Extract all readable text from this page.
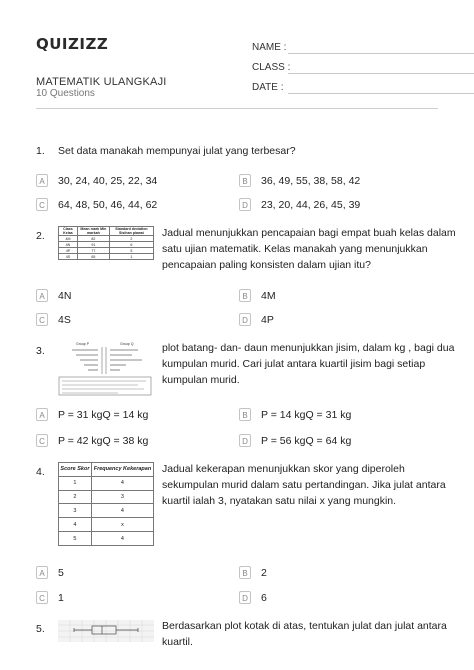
QUIZIZZ
MATEMATIK ULANGKAJI
10 Questions
NAME :
CLASS :
DATE :
1. Set data manakah mempunyai julat yang terbesar?
A	30, 24, 40, 25, 22, 34	B	36, 49, 55, 38, 58, 42
C 64, 48, 50, 46, 44, 62	D 23, 20, 44, 26, 45, 39
2.
Class Kelas	Mean mark Min markah	Standard deviation Sisihan piawai
4M	82	2
4N	91	6
4P	77	5
4S	65	1
Jadual menunjukkan pencapaian bagi empat buah kelas dalam
satu ujian matematik. Kelas manakah yang menunjukkan
pencapaian paling konsisten dalam ujian itu?
A	4N	B	4M
C 4S	D 4P
3.
Group P	Group Q	plot batang- dan- daun menunjukkan jisim, dalam kg , bagi dua
kumpulan murid. Cari julat antara kuartil jisim bagi setiap
kumpulan murid.
A	P = 31 kgQ = 14 kg	B	P = 14 kgQ = 31 kg
C P = 42 kgQ = 38 kg	D P = 56 kgQ = 64 kg
4.	Score Skor	Frequency Kekerapan
1	4
2	3
3	4
4	x
5	4
Jadual kekerapan menunjukkan skor yang diperoleh
sekumpulan murid dalam satu pertandingan. Jika julat antara
kuartil ialah 3, nyatakan satu nilai x yang mungkin.
A	5	B	2
C 1	D 6
5.	Berdasarkan plot kotak di atas, tentukan julat dan julat antara
kuartil.
